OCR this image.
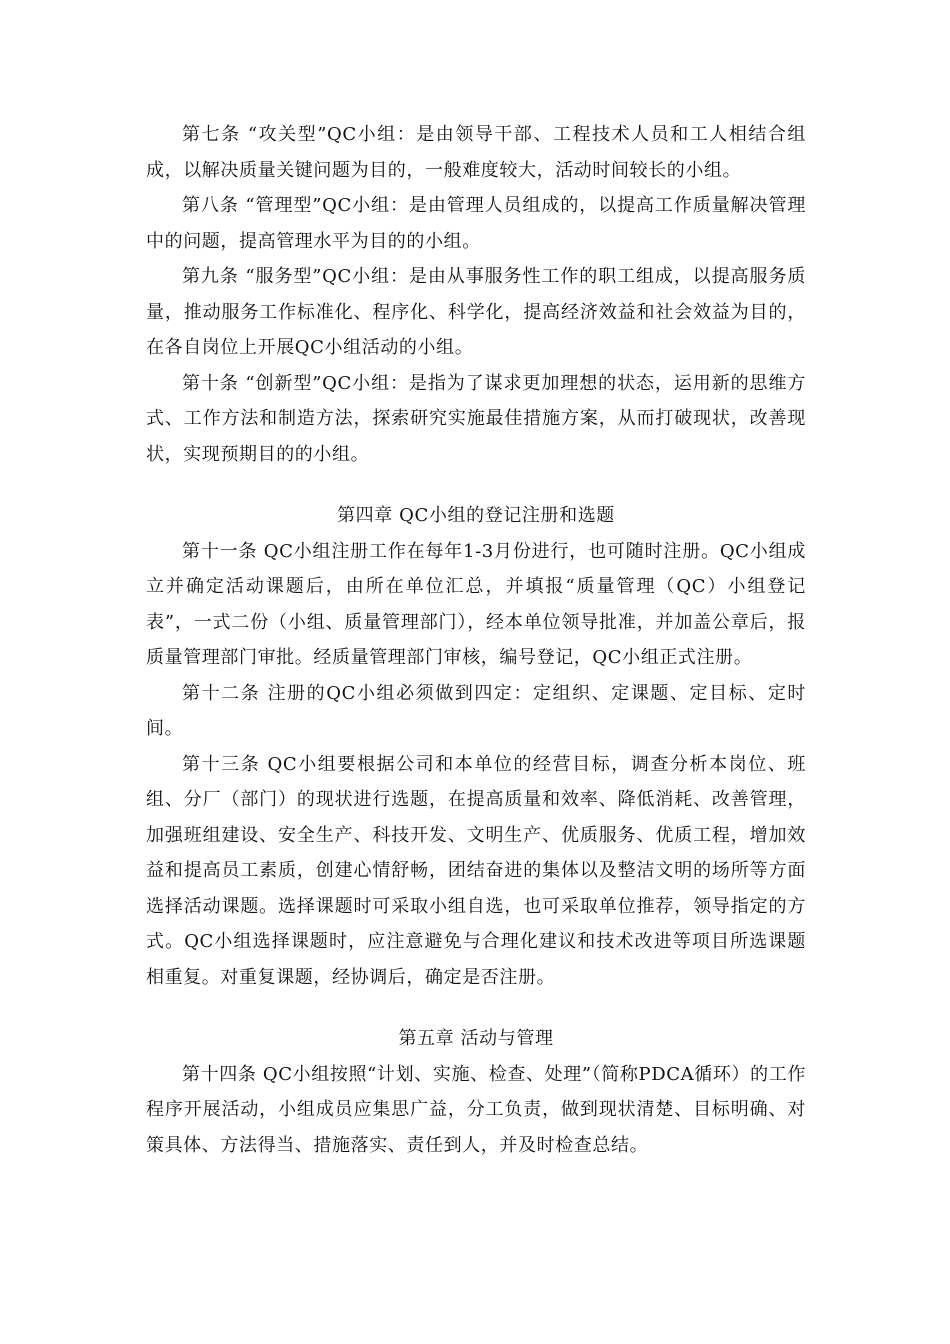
第七条 “攻关型”QC小组：是由领导干部、工程技术人员和工人相结合组成，以解决质量关键问题为目的，一般难度较大，活动时间较长的小组。

第八条 “管理型”QC小组：是由管理人员组成的，以提高工作质量解决管理中的问题，提高管理水平为目的的小组。

第九条 “服务型”QC小组：是由从事服务性工作的职工组成，以提高服务质量，推动服务工作标准化、程序化、科学化，提高经济效益和社会效益为目的，在各自岗位上开展QC小组活动的小组。

第十条 “创新型”QC小组：是指为了谋求更加理想的状态，运用新的思维方式、工作方法和制造方法，探索研究实施最佳措施方案，从而打破现状，改善现状，实现预期目的的小组。

第四章 QC小组的登记注册和选题

第十一条 QC小组注册工作在每年1-3月份进行，也可随时注册。QC小组成立并确定活动课题后，由所在单位汇总，并填报“质量管理（QC）小组登记表”，一式二份（小组、质量管理部门），经本单位领导批准，并加盖公章后，报质量管理部门审批。经质量管理部门审核，编号登记，QC小组正式注册。

第十二条 注册的QC小组必须做到四定：定组织、定课题、定目标、定时间。

第十三条 QC小组要根据公司和本单位的经营目标，调查分析本岗位、班组、分厂（部门）的现状进行选题，在提高质量和效率、降低消耗、改善管理，加强班组建设、安全生产、科技开发、文明生产、优质服务、优质工程，增加效益和提高员工素质，创建心情舒畅，团结奋进的集体以及整洁文明的场所等方面选择活动课题。选择课题时可采取小组自选，也可采取单位推荐，领导指定的方式。QC小组选择课题时，应注意避免与合理化建议和技术改进等项目所选课题相重复。对重复课题，经协调后，确定是否注册。

第五章 活动与管理

第十四条 QC小组按照“计划、实施、检查、处理”（简称PDCA循环）的工作程序开展活动，小组成员应集思广益，分工负责，做到现状清楚、目标明确、对策具体、方法得当、措施落实、责任到人，并及时检查总结。
